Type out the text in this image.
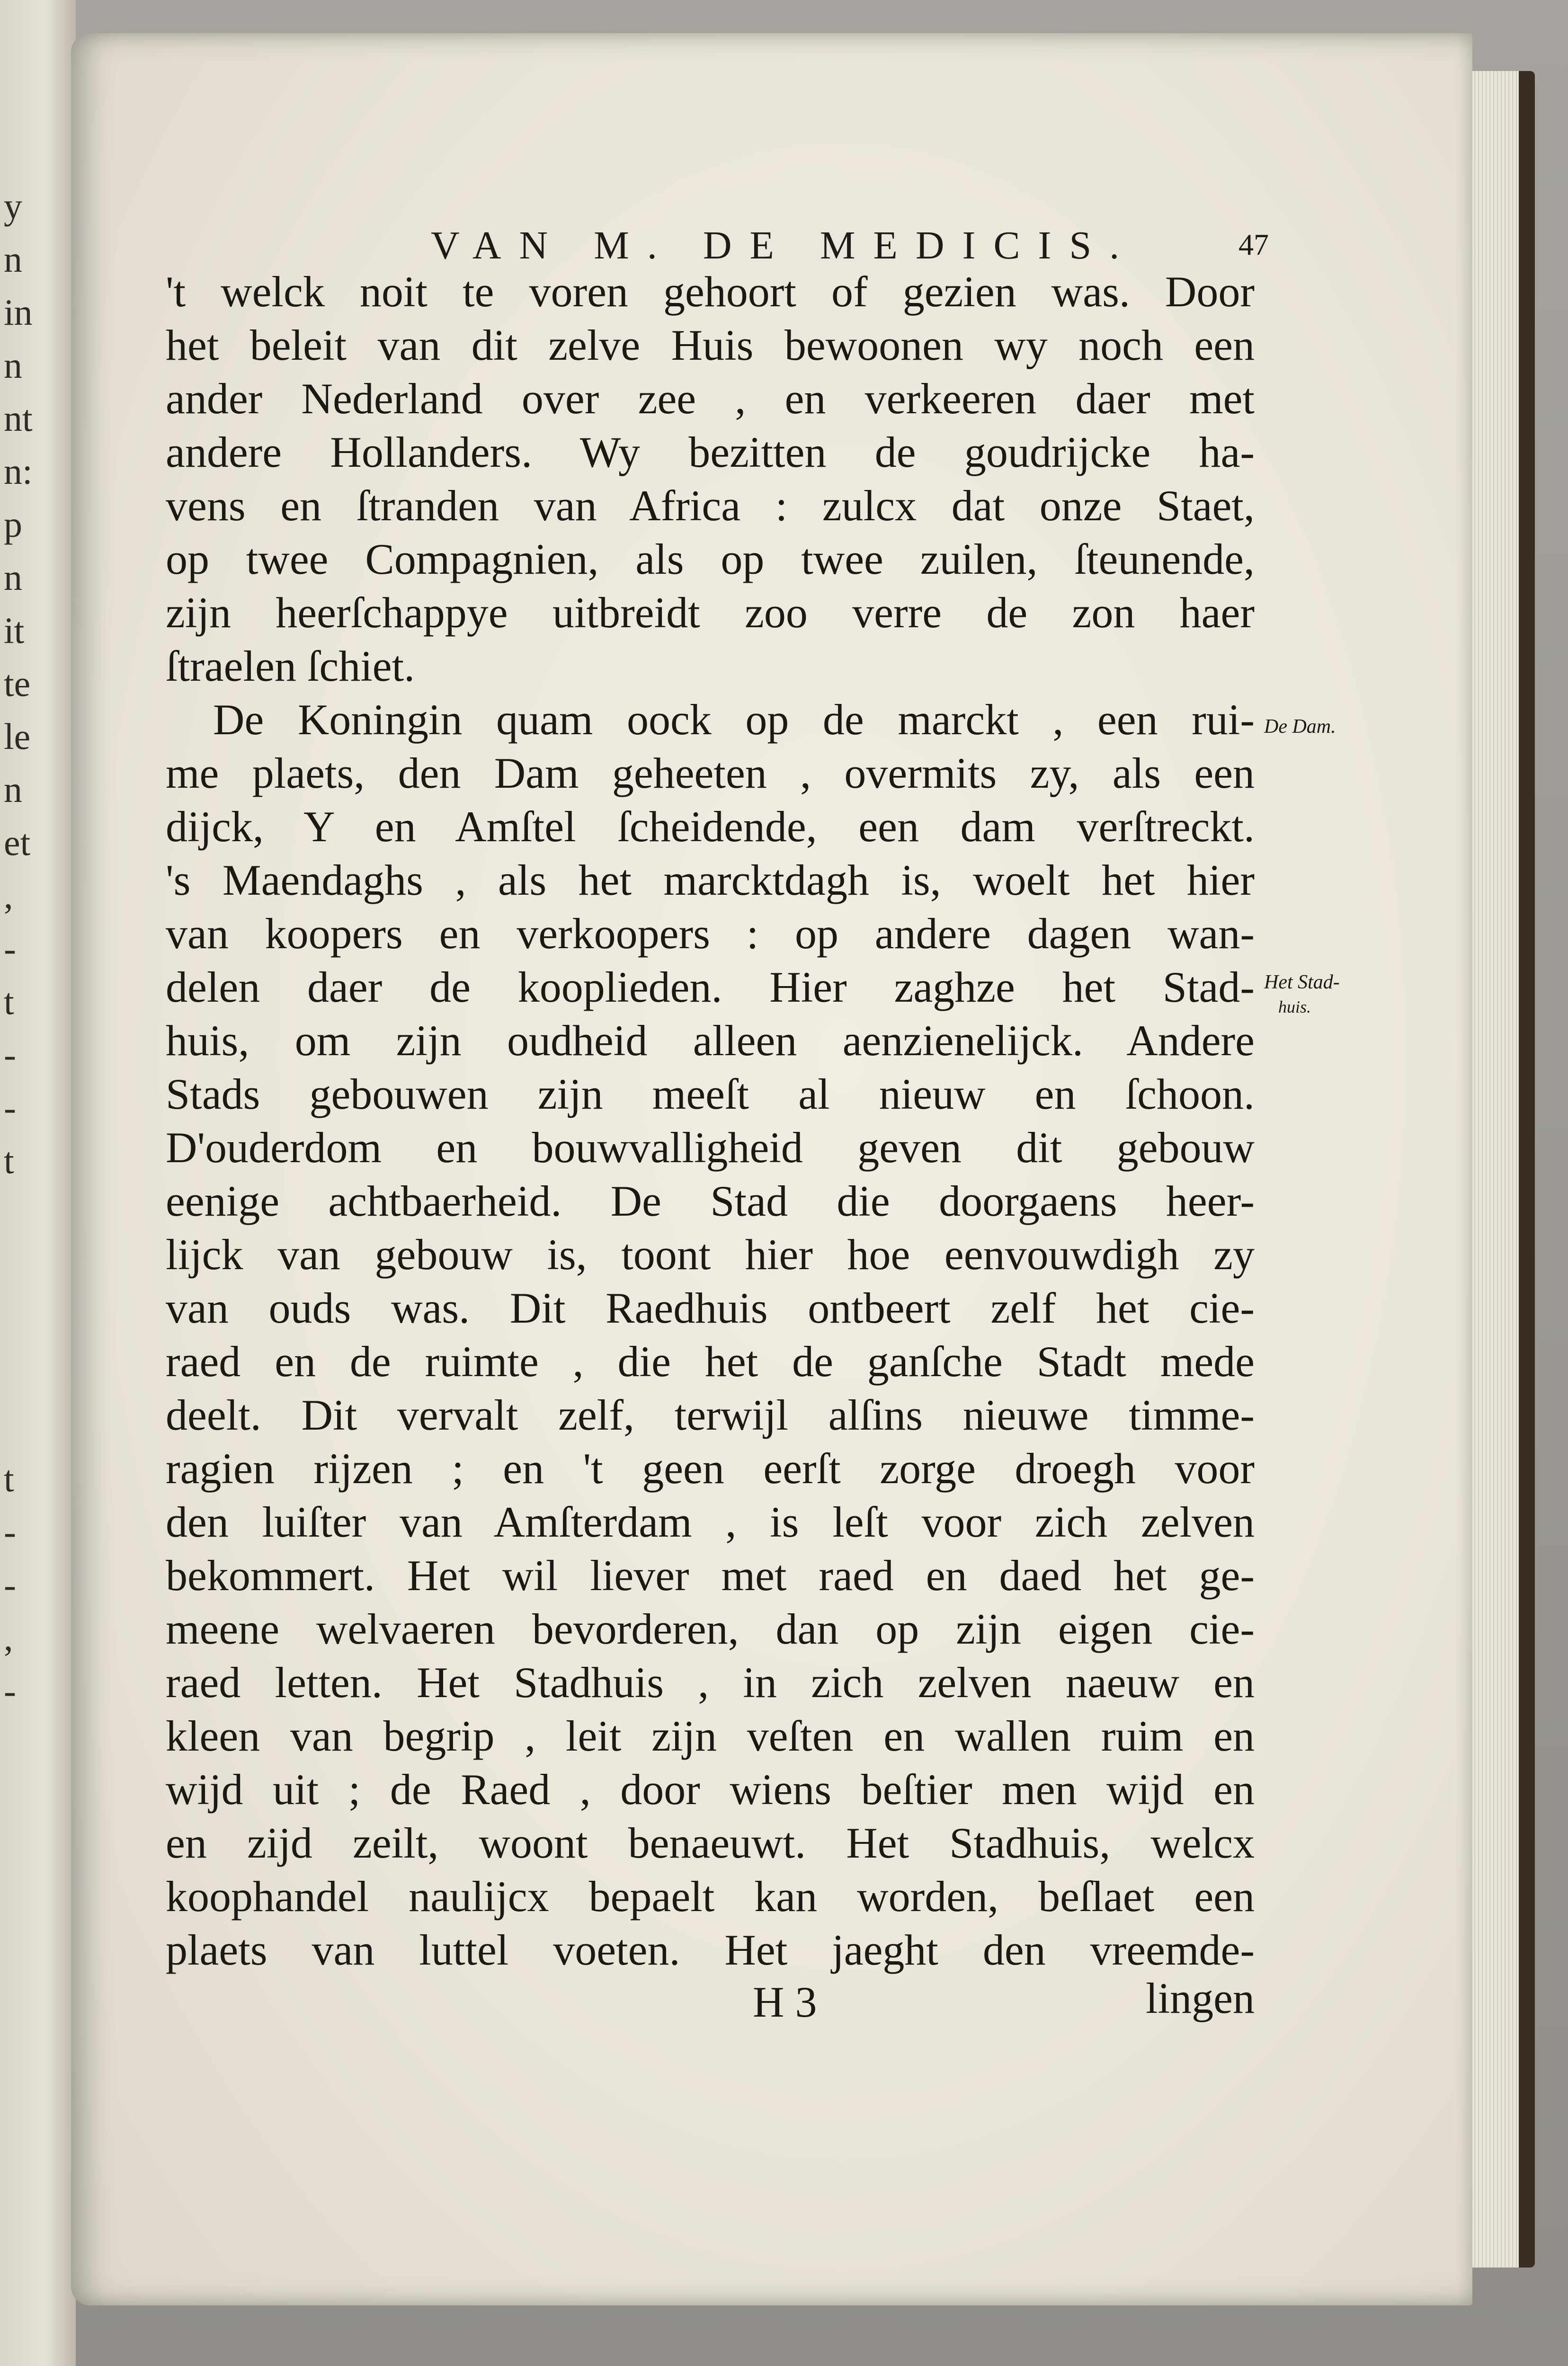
y
n
in
n
nt
n:
p
n
it
te
le
n
et
,
-
t
-
-
t
t
-
-
,
-
VAN M. DE MEDICIS.	47
't welck noit te voren gehoort of gezien was. Door
het beleit van dit zelve Huis bewoonen wy noch een
ander Nederland over zee , en verkeeren daer met
andere Hollanders. Wy bezitten de goudrijcke ha-
vens en ſtranden van Africa : zulcx dat onze Staet,
op twee Compagnien, als op twee zuilen, ſteunende,
zijn heerſchappye uitbreidt zoo verre de zon haer
ſtraelen ſchiet.
De Koningin quam oock op de marckt , een rui-
me plaets, den Dam geheeten , overmits zy, als een
dijck, Y en Amſtel ſcheidende, een dam verſtreckt.
's Maendaghs , als het marcktdagh is, woelt het hier
van koopers en verkoopers : op andere dagen wan-
delen daer de kooplieden. Hier zaghze het Stad-
huis, om zijn oudheid alleen aenzienelijck. Andere
Stads gebouwen zijn meeſt al nieuw en ſchoon.
D'ouderdom en bouwvalligheid geven dit gebouw
eenige achtbaerheid. De Stad die doorgaens heer-
lijck van gebouw is, toont hier hoe eenvouwdigh zy
van ouds was. Dit Raedhuis ontbeert zelf het cie-
raed en de ruimte , die het de ganſche Stadt mede
deelt. Dit vervalt zelf, terwijl alſins nieuwe timme-
ragien rijzen ; en 't geen eerſt zorge droegh voor
den luiſter van Amſterdam , is leſt voor zich zelven
bekommert. Het wil liever met raed en daed het ge-
meene welvaeren bevorderen, dan op zijn eigen cie-
raed letten. Het Stadhuis , in zich zelven naeuw en
kleen van begrip , leit zijn veſten en wallen ruim en
wijd uit ; de Raed , door wiens beſtier men wijd en
en zijd zeilt, woont benaeuwt. Het Stadhuis, welcx
koophandel naulijcx bepaelt kan worden, beſlaet een
plaets van luttel voeten. Het jaeght den vreemde-
H 3	lingen
De Dam.
Het Stad-
huis.
